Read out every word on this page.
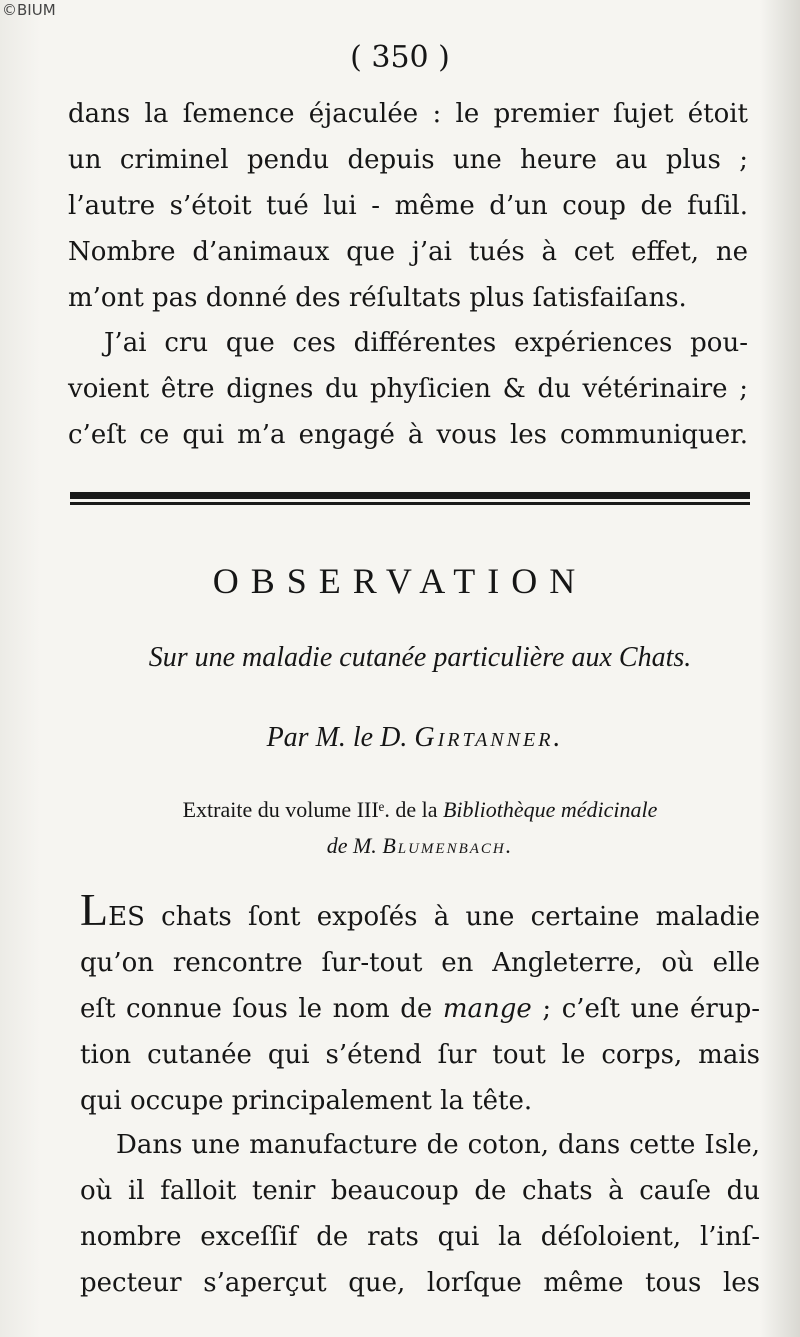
©BIUM
( 350 )
dans la ſemence éjaculée : le premier ſujet étoit
un criminel pendu depuis une heure au plus ;
l’autre s’étoit tué lui - même d’un coup de fuſil.
Nombre d’animaux que j’ai tués à cet effet, ne
m’ont pas donné des réſultats plus ſatisfaiſans.
J’ai cru que ces différentes expériences pou-
voient être dignes du phyſicien & du vétérinaire ;
c’eſt ce qui m’a engagé à vous les communiquer.
OBSERVATION
Sur une maladie cutanée particulière aux Chats.
Par M. le D. Girtanner.
Extraite du volume IIIᵉ. de la Bibliothèque médicinale
de M. Blumenbach.
LES chats ſont expoſés à une certaine maladie
qu’on rencontre ſur-tout en Angleterre, où elle
eſt connue ſous le nom de mange ; c’eſt une érup-
tion cutanée qui s’étend ſur tout le corps, mais
qui occupe principalement la tête.
Dans une manufacture de coton, dans cette Isle,
où il falloit tenir beaucoup de chats à cauſe du
nombre exceſſif de rats qui la déſoloient, l’inſ-
pecteur s’aperçut que, lorſque même tous les
